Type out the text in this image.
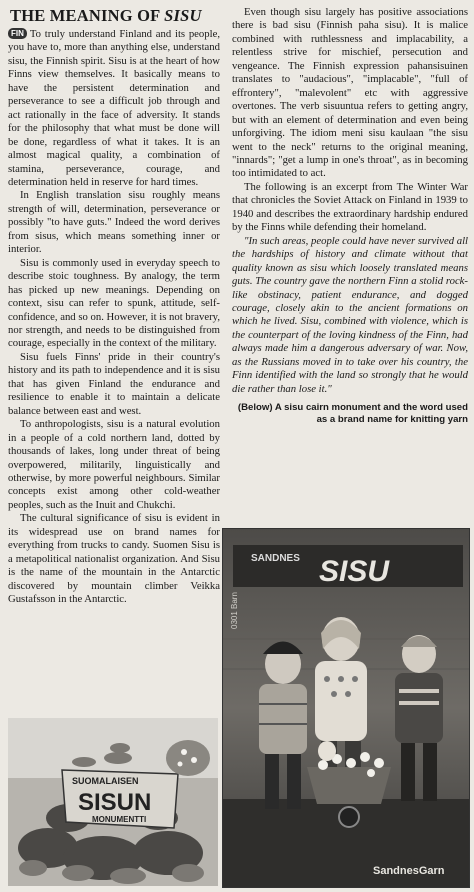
THE MEANING OF SISU

FIN To truly understand Finland and its people, you have to, more than anything else, understand sisu, the Finnish spirit. Sisu is at the heart of how Finns view themselves. It basically means to have the persistent determination and perseverance to see a difficult job through and act rationally in the face of adversity. It stands for the philosophy that what must be done will be done, regardless of what it takes. It is an almost magical quality, a combination of stamina, perseverance, courage, and determination held in reserve for hard times.

In English translation sisu roughly means strength of will, determination, perseverance or possibly "to have guts." Indeed the word derives from sisus, which means something inner or interior.

Sisu is commonly used in everyday speech to describe stoic toughness. By analogy, the term has picked up new meanings. Depending on context, sisu can refer to spunk, attitude, self-confidence, and so on. However, it is not bravery, nor strength, and needs to be distinguished from courage, especially in the context of the military.

Sisu fuels Finns' pride in their country's history and its path to independence and it is sisu that has given Finland the endurance and resilience to enable it to maintain a delicate balance between east and west.

To anthropologists, sisu is a natural evolution in a people of a cold northern land, dotted by thousands of lakes, long under threat of being overpowered, militarily, linguistically and otherwise, by more powerful neighbours. Similar concepts exist among other cold-weather peoples, such as the Inuit and Chukchi.

The cultural significance of sisu is evident in its widespread use on brand names for everything from trucks to candy. Suomen Sisu is a metapolitical nationalist organization. And Sisu is the name of the mountain in the Antarctic discovered by mountain climber Veikka Gustafsson in the Antarctic.

Even though sisu largely has positive associations there is bad sisu (Finnish paha sisu). It is malice combined with ruthlessness and implacability, a relentless strive for mischief, persecution and vengeance. The Finnish expression pahansisuinen translates to "audacious", "implacable", "full of effrontery", "malevolent" etc with aggressive overtones. The verb sisuuntua refers to getting angry, but with an element of determination and even being unforgiving. The idiom meni sisu kaulaan "the sisu went to the neck" returns to the original meaning, "innards"; "get a lump in one's throat", as in becoming too intimidated to act.

The following is an excerpt from The Winter War that chronicles the Soviet Attack on Finland in 1939 to 1940 and describes the extraordinary hardship endured by the Finns while defending their homeland.

"In such areas, people could have never survived all the hardships of history and climate without that quality known as sisu which loosely translated means guts. The country gave the northern Finn a stolid rock-like obstinacy, patient endurance, and dogged courage, closely akin to the ancient formations on which he lived. Sisu, combined with violence, which is the counterpart of the loving kindness of the Finn, had always made him a dangerous adversary of war. Now, as the Russians moved in to take over his country, the Finn identified with the land so strongly that he would die rather than lose it."

(Below) A sisu cairn monument and the word used as a brand name for knitting yarn
SANDNES SISU
0301 Barn
SandnesGarn
SUOMALAISEN
SISUN
MONUMENTTI
